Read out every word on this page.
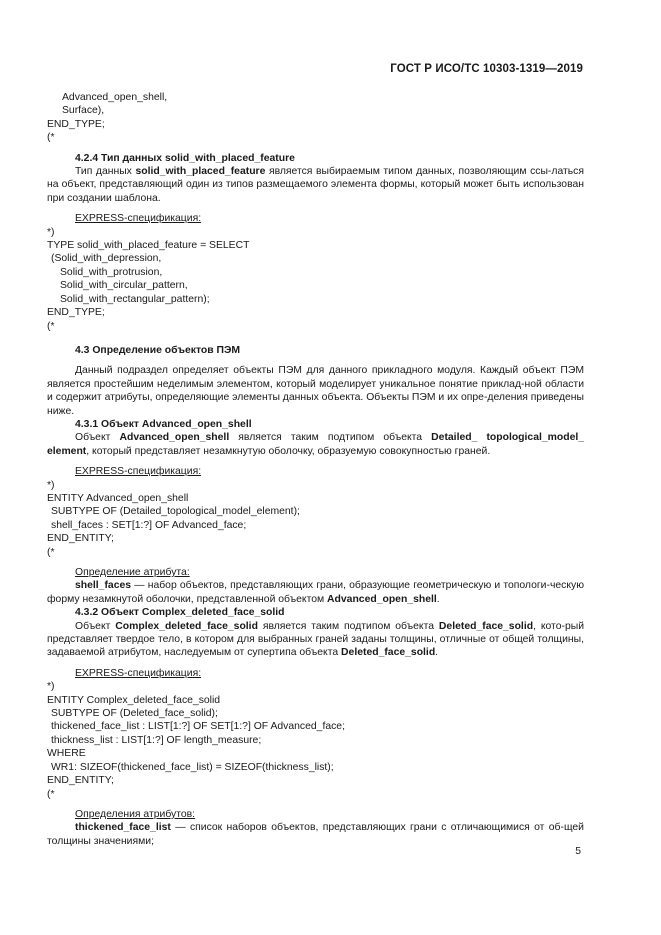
ГОСТ Р ИСО/ТС 10303-1319—2019
Advanced_open_shell,
Surface),
END_TYPE;
(*
4.2.4 Тип данных solid_with_placed_feature

Тип данных solid_with_placed_feature является выбираемым типом данных, позволяющим ссы-латься на объект, представляющий один из типов размещаемого элемента формы, который может быть использован при создании шаблона.

EXPRESS-спецификация:
*)
TYPE solid_with_placed_feature = SELECT
(Solid_with_depression,
Solid_with_protrusion,
Solid_with_circular_pattern,
Solid_with_rectangular_pattern);
END_TYPE;
(*
4.3 Определение объектов ПЭМ

Данный подраздел определяет объекты ПЭМ для данного прикладного модуля. Каждый объект ПЭМ является простейшим неделимым элементом, который моделирует уникальное понятие приклад-ной области и содержит атрибуты, определяющие элементы данных объекта. Объекты ПЭМ и их опре-деления приведены ниже.

4.3.1 Объект Advanced_open_shell

Объект Advanced_open_shell является таким подтипом объекта Detailed_ topological_model_ element, который представляет незамкнутую оболочку, образуемую совокупностью граней.

EXPRESS-спецификация:
*)
ENTITY Advanced_open_shell
SUBTYPE OF (Detailed_topological_model_element);
shell_faces : SET[1:?] OF Advanced_face;
END_ENTITY;
(*
Определение атрибута:

shell_faces — набор объектов, представляющих грани, образующие геометрическую и топологи-ческую форму незамкнутой оболочки, представленной объектом Advanced_open_shell.

4.3.2 Объект Complex_deleted_face_solid

Объект Complex_deleted_face_solid является таким подтипом объекта Deleted_face_solid, кото-рый представляет твердое тело, в котором для выбранных граней заданы толщины, отличные от общей толщины, задаваемой атрибутом, наследуемым от супертипа объекта Deleted_face_solid.

EXPRESS-спецификация:
*)
ENTITY Complex_deleted_face_solid
SUBTYPE OF (Deleted_face_solid);
thickened_face_list : LIST[1:?] OF SET[1:?] OF Advanced_face;
thickness_list : LIST[1:?] OF length_measure;
WHERE
WR1: SIZEOF(thickened_face_list) = SIZEOF(thickness_list);
END_ENTITY;
(*
Определения атрибутов:

thickened_face_list — список наборов объектов, представляющих грани с отличающимися от об-щей толщины значениями;

5
